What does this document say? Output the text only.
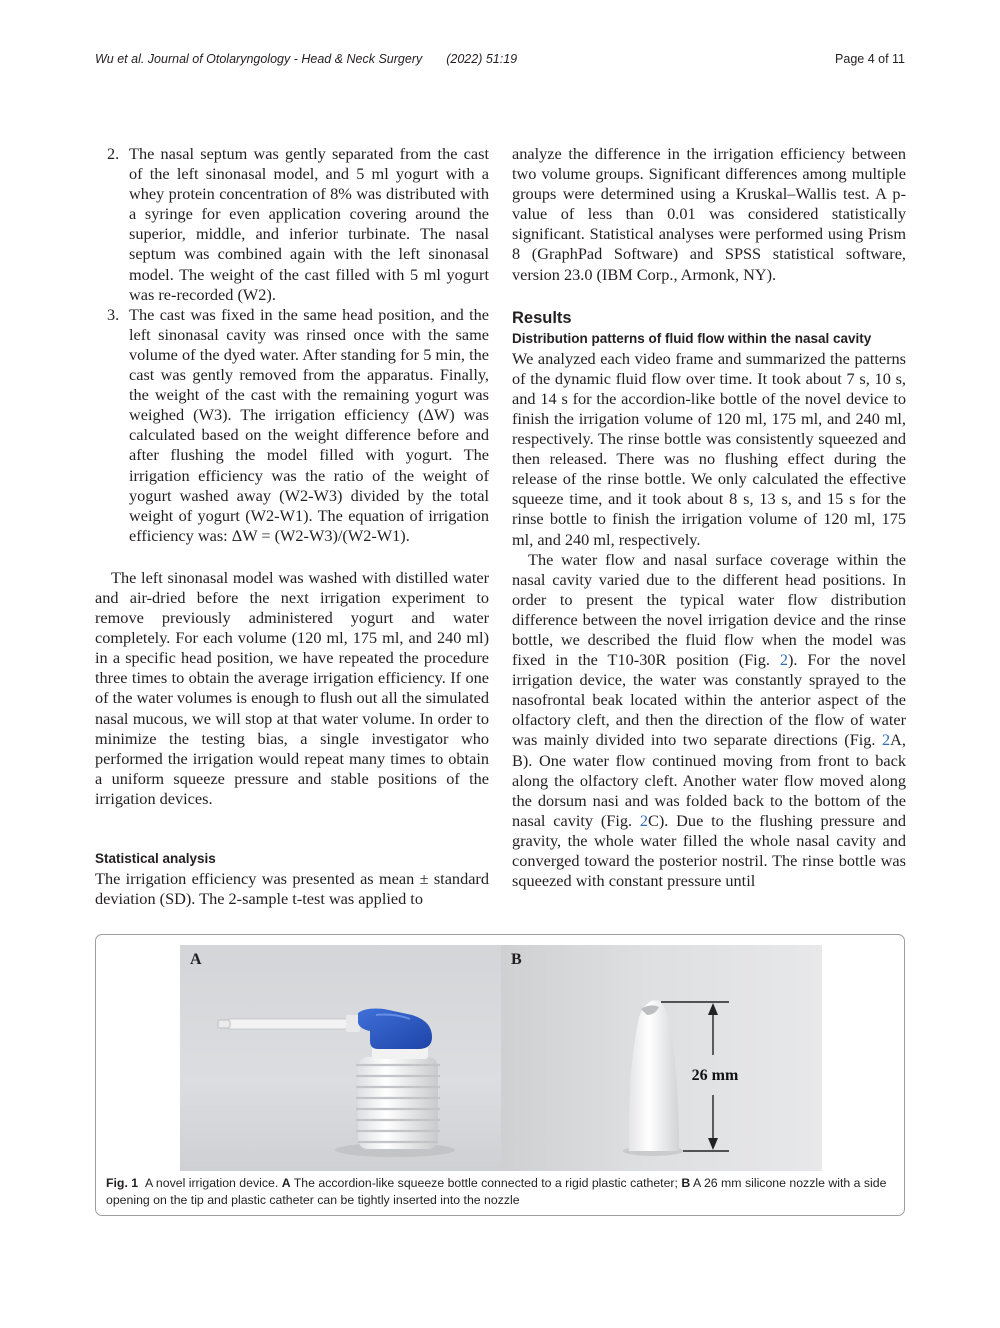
Wu et al. Journal of Otolaryngology - Head & Neck Surgery (2022) 51:19	Page 4 of 11
2. The nasal septum was gently separated from the cast of the left sinonasal model, and 5 ml yogurt with a whey protein concentration of 8% was distributed with a syringe for even application covering around the superior, middle, and inferior turbinate. The nasal septum was combined again with the left sinonasal model. The weight of the cast filled with 5 ml yogurt was re-recorded (W2).
3. The cast was fixed in the same head position, and the left sinonasal cavity was rinsed once with the same volume of the dyed water. After standing for 5 min, the cast was gently removed from the apparatus. Finally, the weight of the cast with the remaining yogurt was weighed (W3). The irrigation efficiency (ΔW) was calculated based on the weight difference before and after flushing the model filled with yogurt. The irrigation efficiency was the ratio of the weight of yogurt washed away (W2-W3) divided by the total weight of yogurt (W2-W1). The equation of irrigation efficiency was: ΔW = (W2-W3)/(W2-W1).

The left sinonasal model was washed with distilled water and air-dried before the next irrigation experiment to remove previously administered yogurt and water completely. For each volume (120 ml, 175 ml, and 240 ml) in a specific head position, we have repeated the procedure three times to obtain the average irrigation efficiency. If one of the water volumes is enough to flush out all the simulated nasal mucous, we will stop at that water volume. In order to minimize the testing bias, a single investigator who performed the irrigation would repeat many times to obtain a uniform squeeze pressure and stable positions of the irrigation devices.

Statistical analysis

The irrigation efficiency was presented as mean ± standard deviation (SD). The 2-sample t-test was applied to

analyze the difference in the irrigation efficiency between two volume groups. Significant differences among multiple groups were determined using a Kruskal–Wallis test. A p-value of less than 0.01 was considered statistically significant. Statistical analyses were performed using Prism 8 (GraphPad Software) and SPSS statistical software, version 23.0 (IBM Corp., Armonk, NY).

Results

Distribution patterns of fluid flow within the nasal cavity

We analyzed each video frame and summarized the patterns of the dynamic fluid flow over time. It took about 7 s, 10 s, and 14 s for the accordion-like bottle of the novel device to finish the irrigation volume of 120 ml, 175 ml, and 240 ml, respectively. The rinse bottle was consistently squeezed and then released. There was no flushing effect during the release of the rinse bottle. We only calculated the effective squeeze time, and it took about 8 s, 13 s, and 15 s for the rinse bottle to finish the irrigation volume of 120 ml, 175 ml, and 240 ml, respectively.

The water flow and nasal surface coverage within the nasal cavity varied due to the different head positions. In order to present the typical water flow distribution difference between the novel irrigation device and the rinse bottle, we described the fluid flow when the model was fixed in the T10-30R position (Fig. 2). For the novel irrigation device, the water was constantly sprayed to the nasofrontal beak located within the anterior aspect of the olfactory cleft, and then the direction of the flow of water was mainly divided into two separate directions (Fig. 2A, B). One water flow continued moving from front to back along the olfactory cleft. Another water flow moved along the dorsum nasi and was folded back to the bottom of the nasal cavity (Fig. 2C). Due to the flushing pressure and gravity, the whole water filled the whole nasal cavity and converged toward the posterior nostril. The rinse bottle was squeezed with constant pressure until

A
26 mm
B
Fig. 1 A novel irrigation device. A The accordion-like squeeze bottle connected to a rigid plastic catheter; B A 26 mm silicone nozzle with a side opening on the tip and plastic catheter can be tightly inserted into the nozzle
